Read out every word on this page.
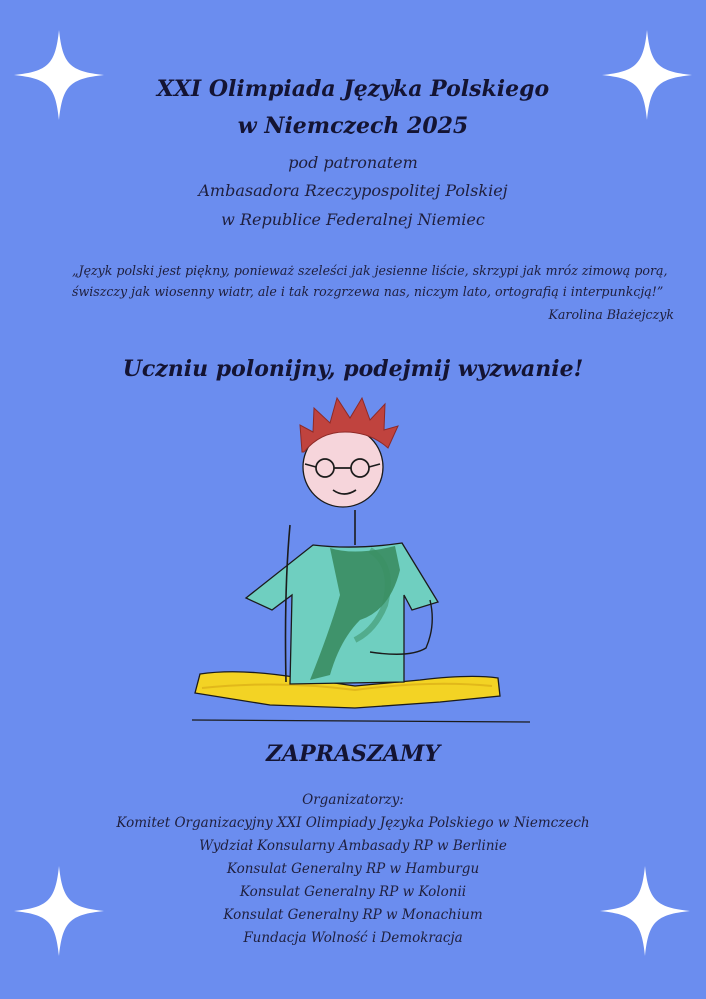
XXI Olimpiada Języka Polskiego
w Niemczech 2025
pod patronatem
Ambasadora Rzeczypospolitej Polskiej
w Republice Federalnej Niemiec
„Język polski jest piękny, ponieważ szeleści jak jesienne liście, skrzypi jak mróz zimową porą,
świszczy jak wiosenny wiatr, ale i tak rozgrzewa nas, niczym lato, ortografią i interpunkcją!”
Karolina Błażejczyk
Uczniu polonijny, podejmij wyzwanie!
ZAPRASZAMY
Organizatorzy:
Komitet Organizacyjny XXI Olimpiady Języka Polskiego w Niemczech
Wydział Konsularny Ambasady RP w Berlinie
Konsulat Generalny RP w Hamburgu
Konsulat Generalny RP w Kolonii
Konsulat Generalny RP w Monachium
Fundacja Wolność i Demokracja
